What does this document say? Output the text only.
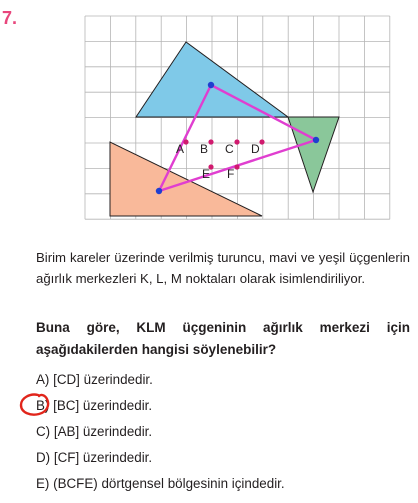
7.
A B C D
E F

Birim kareler üzerinde verilmiş turuncu, mavi ve yeşil üçgenlerin ağırlık merkezleri K, L, M noktaları olarak isimlendiriliyor.

Buna göre, KLM üçgeninin ağırlık merkezi için aşağıdakilerden hangisi söylenebilir?

A) [CD] üzerindedir.
B) [BC] üzerindedir.
C) [AB] üzerindedir.
D) [CF] üzerindedir.
E) (BCFE) dörtgensel bölgesinin içindedir.
